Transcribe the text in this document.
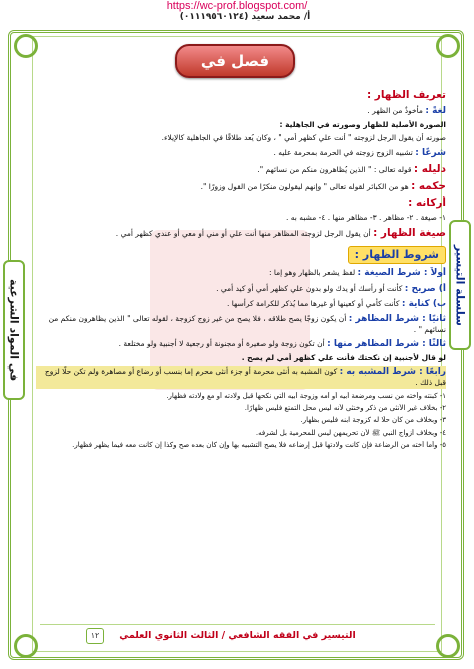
https://wc-prof.blogspot.com/
أ/ محمد سعيد (٠١١١٩٥٦٠١٢٤)
في المواد الشرعية	سلسلة التيسير
فصل في الظهار	تعريف الظهار :
لغةً : مأخوذٌ من الظهر .
الصورة الأصلية للظهار وصورته في الجاهلية :
صورته أن يقول الرجل لزوجته " أنت علي كظهر أمي " ، وكان يُعد طلاقًا في الجاهلية كالإيلاء.
شرعًا : تشبيه الزوج زوجته في الحرمة بمحرمة عليه .
دليله : قوله تعالى : " الذين يُظاهرون منكم من نسائهم ".
حكمه : هو من الكبائر لقوله تعالى " وإنهم ليقولون منكرًا من القول وزورًا ".
أركانه :
١- صيغة . ٢- مظاهر . ٣- مظاهر منها . ٤- مشبه به .
صيغة الظهار : أن يقول الرجل لزوجته المظاهر منها أنت علي أو مني أو معي أو عندي كظهر أمي .
شروط الظهار :
أولاً : شرط الصيغة : لفظ يشعر بالظهار وهو إما :
أ) صريح : كأنت أو رأسك أو يدك ولو بدون علي كظهر أمي أو كيد أمي .
ب) كناية : كأنت كأمي أو كعينها أو غيرها مما يُذكر للكرامة كرأسها .
ثانيًا : شرط المظاهر : أن يكون زوجًا يصح طلاقه ، فلا يصح من غير زوج كزوجة ، لقوله تعالى " الذين يظاهرون منكم من نسائهم " .
ثالثًا : شرط المظاهر منها : أن تكون زوجة ولو صغيرة أو مجنونة أو رجعية لا أجنبية ولو مختلعة .
لو قال لأجنبية إن نكحتك فأنت علي كظهر أمي لم يصح .
رابعًا : شرط المشبه به : كون المشبه به أنثى محرمة أو جزء أنثى محرم إما بنسب أو رضاع أو مصاهرة ولم تكن حلًا لزوج قبل ذلك .
١- كبنته وأخته من نسب ومرضعة أبيه أو أمه وزوجة أبيه التي نكحها قبل ولادته أو مع ولادته فظهار.
٢- بخلاف غير الأنثى من ذكر وخنثى لأنه ليس محل التمتع فليس ظهارًا.
٣- وبخلاف من كان حلًا له كزوجة ابنه فليس بظهار.
٤- وبخلاف أزواج النبي ﷺ لأن تحريمهن ليس للمحرمية بل لشرفه.
٥- وأما أخته من الرضاعة فإن كانت ولادتها قبل إرضاعه فلا يصح التشبيه بها وإن كان بعده صح وكذا إن كانت معه فيما يظهر فظهار.
التيسير في الفقه الشافعي / الثالث الثانوي العلمي
١٢
